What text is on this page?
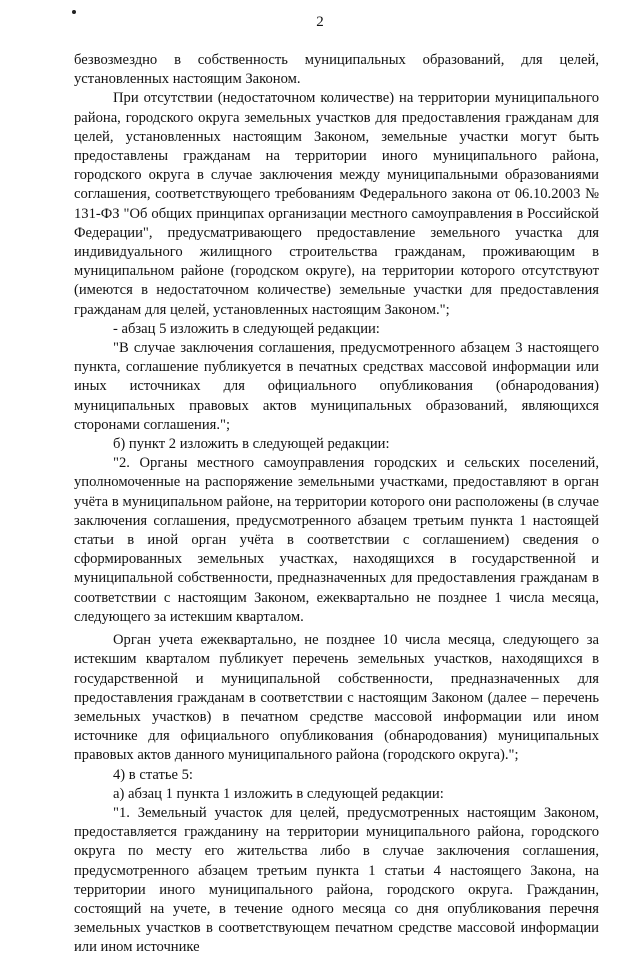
2

безвозмездно в собственность муниципальных образований, для целей, установленных настоящим Законом.

При отсутствии (недостаточном количестве) на территории муниципального района, городского округа земельных участков для предоставления гражданам для целей, установленных настоящим Законом, земельные участки могут быть предоставлены гражданам на территории иного муниципального района, городского округа в случае заключения между муниципальными образованиями соглашения, соответствующего требованиям Федерального закона от 06.10.2003 № 131-ФЗ "Об общих принципах организации местного самоуправления в Российской Федерации", предусматривающего предоставление земельного участка для индивидуального жилищного строительства гражданам, проживающим в муниципальном районе (городском округе), на территории которого отсутствуют (имеются в недостаточном количестве) земельные участки для предоставления гражданам для целей, установленных настоящим Законом.";

- абзац 5 изложить в следующей редакции:

"В случае заключения соглашения, предусмотренного абзацем 3 настоящего пункта, соглашение публикуется в печатных средствах массовой информации или иных источниках для официального опубликования (обнародования) муниципальных правовых актов муниципальных образований, являющихся сторонами соглашения.";

б) пункт 2 изложить в следующей редакции:

"2. Органы местного самоуправления городских и сельских поселений, уполномоченные на распоряжение земельными участками, предоставляют в орган учёта в муниципальном районе, на территории которого они расположены (в случае заключения соглашения, предусмотренного абзацем третьим пункта 1 настоящей статьи в иной орган учёта в соответствии с соглашением) сведения о сформированных земельных участках, находящихся в государственной и муниципальной собственности, предназначенных для предоставления гражданам в соответствии с настоящим Законом, ежеквартально не позднее 1 числа месяца, следующего за истекшим кварталом.

Орган учета ежеквартально, не позднее 10 числа месяца, следующего за истекшим кварталом публикует перечень земельных участков, находящихся в государственной и муниципальной собственности, предназначенных для предоставления гражданам в соответствии с настоящим Законом (далее – перечень земельных участков) в печатном средстве массовой информации или ином источнике для официального опубликования (обнародования) муниципальных правовых актов данного муниципального района (городского округа).";

4) в статье 5:

а) абзац 1 пункта 1 изложить в следующей редакции:

"1. Земельный участок для целей, предусмотренных настоящим Законом, предоставляется гражданину на территории муниципального района, городского округа по месту его жительства либо в случае заключения соглашения, предусмотренного абзацем третьим пункта 1 статьи 4 настоящего Закона, на территории иного муниципального района, городского округа. Гражданин, состоящий на учете, в течение одного месяца со дня опубликования перечня земельных участков в соответствующем печатном средстве массовой информации или ином источнике
